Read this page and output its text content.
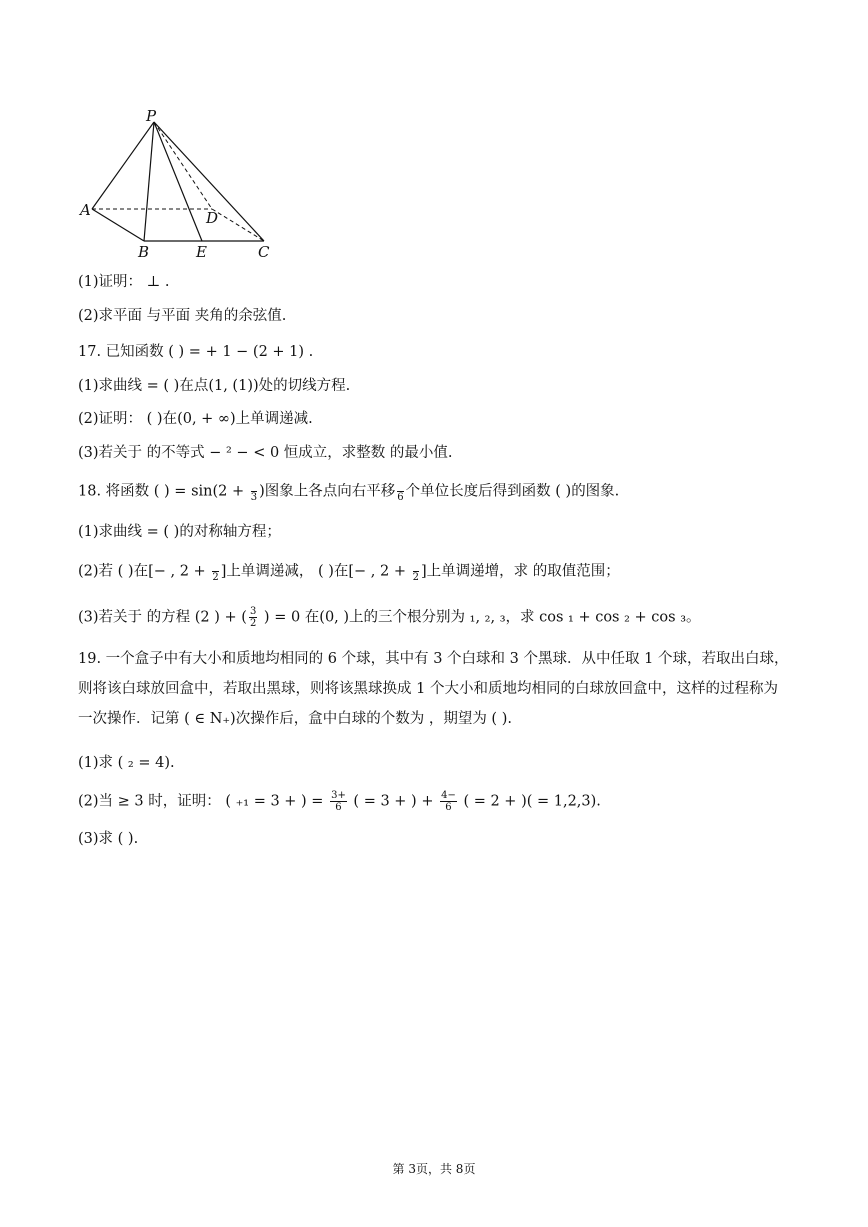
P
A
B	E
D
C
(1)证明： ⊥ .
(2)求平面 与平面 夹角的余弦值.
17. 已知函数 ( ) = + 1 − (2 + 1) .
(1)求曲线 = ( )在点(1, (1))处的切线方程.
(2)证明： ( )在(0, + ∞)上单调递减.
(3)若关于 的不等式 − ² − < 0 恒成立，求整数 的最小值.
18. 将函数 ( ) = sin(2 +
3 )图象上各点向右平移
6 个单位长度后得到函数 ( )的图象.
(1)求曲线 = ( )的对称轴方程；
(2)若 ( )在[− , 2 +
2 ]上单调递减， ( )在[− , 2 +
2 ]上单调递增，求 的取值范围；
(3)若关于 的方程 (2 ) + ( $\frac{3}{2}$ ) = 0 在(0, )上的三个根分别为 ₁, ₂, ₃，求 cos ₁ + cos ₂ + cos ₃。
19. 一个盒子中有大小和质地均相同的 6 个球，其中有 3 个白球和 3 个黑球．从中任取 1 个球，若取出白球，则将该白球放回盒中，若取出黑球，则将该黑球换成 1 个大小和质地均相同的白球放回盒中，这样的过程称为一次操作．记第 ( ∈ N₊)次操作后，盒中白球的个数为 ，期望为 ( ).
(1)求 ( ₂ = 4).
(2)当 ≥ 3 时，证明： ( ₊₁ = 3 + ) = $\frac{3+}{6}$ ( = 3 + ) + $\frac{4-}{6}$ ( = 2 + )( = 1,2,3).
(3)求 ( ).
第 3页，共 8页
